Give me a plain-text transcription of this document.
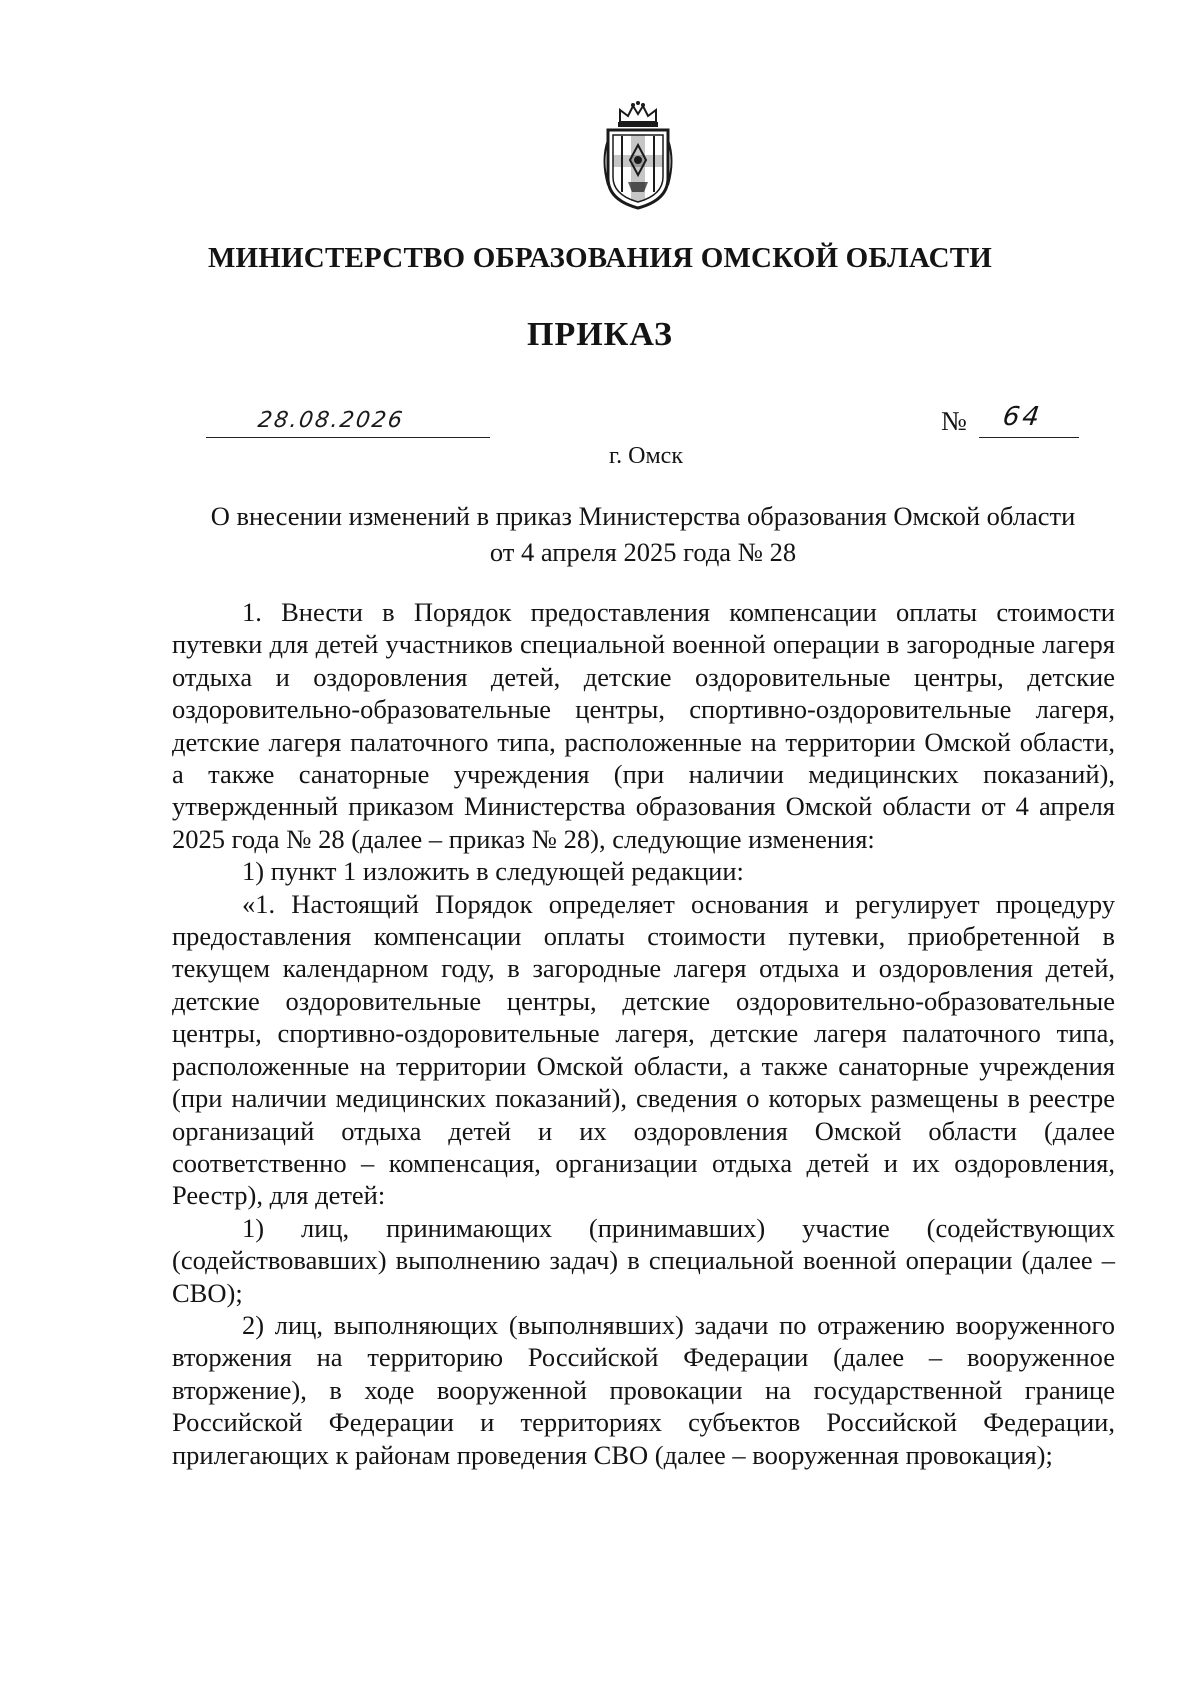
МИНИСТЕРСТВО ОБРАЗОВАНИЯ ОМСКОЙ ОБЛАСТИ
ПРИКАЗ
28.08.2026	№ 64
г. Омск
О внесении изменений в приказ Министерства образования Омской области
от 4 апреля 2025 года № 28

1. Внести в Порядок предоставления компенсации оплаты стоимости путевки для детей участников специальной военной операции в загородные лагеря отдыха и оздоровления детей, детские оздоровительные центры, детские оздоровительно-образовательные центры, спортивно-оздоровительные лагеря, детские лагеря палаточного типа, расположенные на территории Омской области, а также санаторные учреждения (при наличии медицинских показаний), утвержденный приказом Министерства образования Омской области от 4 апреля 2025 года № 28 (далее – приказ № 28), следующие изменения:

1) пункт 1 изложить в следующей редакции:

«1. Настоящий Порядок определяет основания и регулирует процедуру предоставления компенсации оплаты стоимости путевки, приобретенной в текущем календарном году, в загородные лагеря отдыха и оздоровления детей, детские оздоровительные центры, детские оздоровительно-образовательные центры, спортивно-оздоровительные лагеря, детские лагеря палаточного типа, расположенные на территории Омской области, а также санаторные учреждения (при наличии медицинских показаний), сведения о которых размещены в реестре организаций отдыха детей и их оздоровления Омской области (далее соответственно – компенсация, организации отдыха детей и их оздоровления, Реестр), для детей:

1) лиц, принимающих (принимавших) участие (содействующих (содействовавших) выполнению задач) в специальной военной операции (далее – СВО);

2) лиц, выполняющих (выполнявших) задачи по отражению вооруженного вторжения на территорию Российской Федерации (далее – вооруженное вторжение), в ходе вооруженной провокации на государственной границе Российской Федерации и территориях субъектов Российской Федерации, прилегающих к районам проведения СВО (далее – вооруженная провокация);
